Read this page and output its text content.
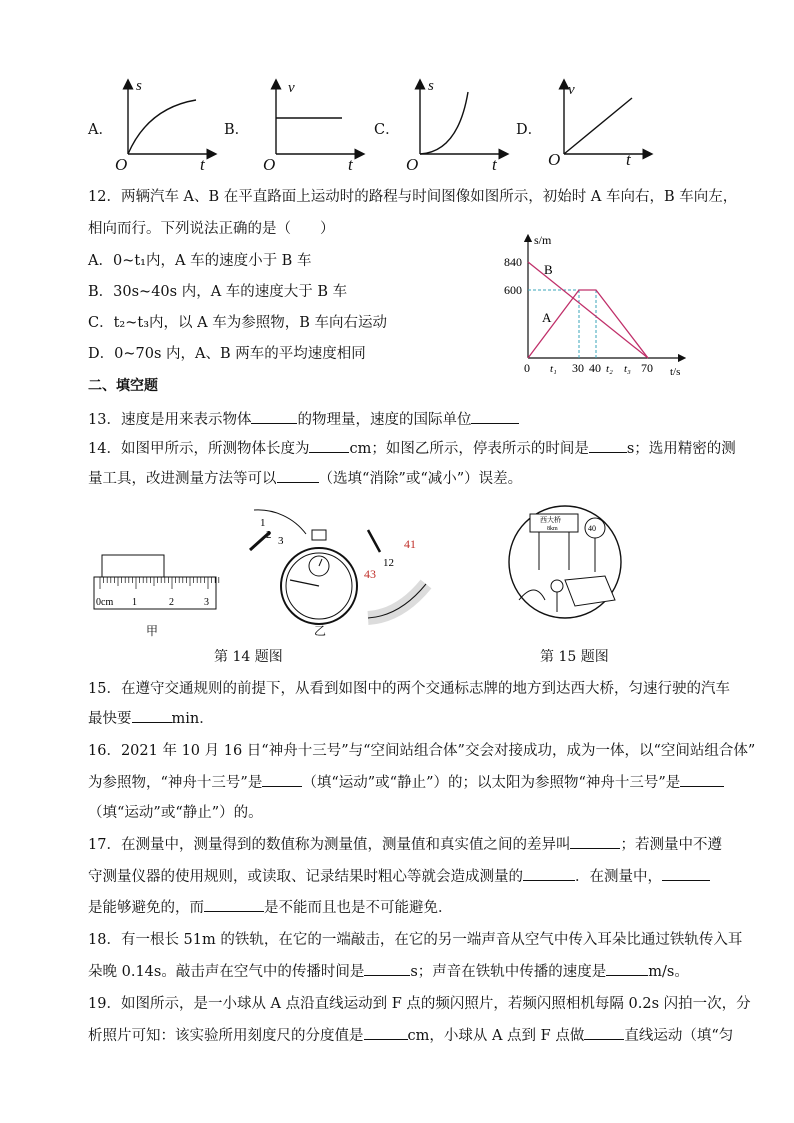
A．
s
O	t
B．
v
O	t
C．
s
O	t
D．
v
O	t
12．两辆汽车 A、B 在平直路面上运动时的路程与时间图像如图所示，初始时 A 车向右，B 车向左，
相向而行。下列说法正确的是（　　）
A．0~t₁内，A 车的速度小于 B 车
B．30s~40s 内，A 车的速度大于 B 车
C．t₂~t₃内，以 A 车为参照物，B 车向右运动
D．0~70s 内，A、B 两车的平均速度相同
s/m
840
600
B
A
0 t₁ 30 40 t₂ t₃ 70 t/s
二、填空题
13．速度是用来表示物体	的物理量，速度的国际单位
14．如图甲所示，所测物体长度为	cm；如图乙所示，停表所示的时间是	s；选用精密的测
量工具，改进测量方法等可以	（选填“消除”或“减小”）误差。
0cm 1	2	3
甲
1
2 3
12
41
43
乙
西大桥
8km	40
第 14 题图	第 15 题图
15．在遵守交通规则的前提下，从看到如图中的两个交通标志牌的地方到达西大桥，匀速行驶的汽车
最快要	min．
16．2021 年 10 月 16 日“神舟十三号”与“空间站组合体”交会对接成功，成为一体，以“空间站组合体”
为参照物，“神舟十三号”是	（填“运动”或“静止”）的；以太阳为参照物“神舟十三号”是
（填“运动”或“静止”）的。
17．在测量中，测量得到的数值称为测量值，测量值和真实值之间的差异叫	；若测量中不遵
守测量仪器的使用规则，或读取、记录结果时粗心等就会造成测量的	．在测量中，
是能够避免的，而	是不能而且也是不可能避免．
18．有一根长 51m 的铁轨，在它的一端敲击，在它的另一端声音从空气中传入耳朵比通过铁轨传入耳
朵晚 0.14s。敲击声在空气中的传播时间是	s；声音在铁轨中传播的速度是	m/s。
19．如图所示，是一小球从 A 点沿直线运动到 F 点的频闪照片，若频闪照相机每隔 0.2s 闪拍一次，分
析照片可知：该实验所用刻度尺的分度值是	cm，小球从 A 点到 F 点做	直线运动（填“匀
